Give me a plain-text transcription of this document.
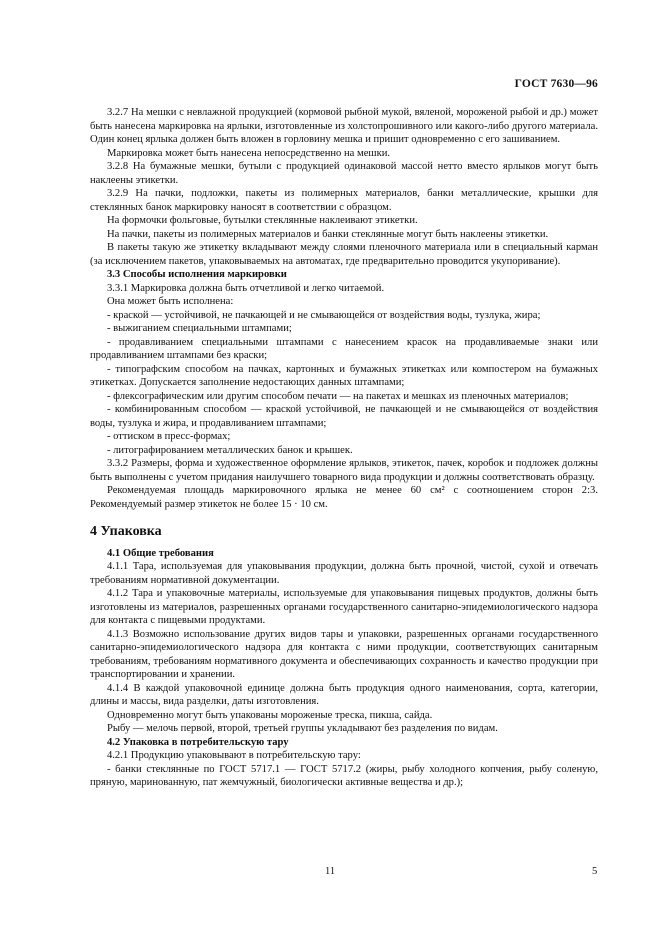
ГОСТ 7630—96

3.2.7 На мешки с невлажной продукцией (кормовой рыбной мукой, вяленой, мороженой рыбой и др.) может быть нанесена маркировка на ярлыки, изготовленные из холстопрошивного или какого-либо другого материала. Один конец ярлыка должен быть вложен в горловину мешка и пришит одновременно с его зашиванием.

Маркировка может быть нанесена непосредственно на мешки.

3.2.8 На бумажные мешки, бутыли с продукцией одинаковой массой нетто вместо ярлыков могут быть наклеены этикетки.

3.2.9 На пачки, подложки, пакеты из полимерных материалов, банки металлические, крышки для стеклянных банок маркировку наносят в соответствии с образцом.

На формочки фольговые, бутылки стеклянные наклеивают этикетки.

На пачки, пакеты из полимерных материалов и банки стеклянные могут быть наклеены этикетки.

В пакеты такую же этикетку вкладывают между слоями пленочного материала или в специальный карман (за исключением пакетов, упаковываемых на автоматах, где предварительно проводится укупоривание).

3.3 Способы исполнения маркировки

3.3.1 Маркировка должна быть отчетливой и легко читаемой.

Она может быть исполнена:

- краской — устойчивой, не пачкающей и не смывающейся от воздействия воды, тузлука, жира;

- выжиганием специальными штампами;

- продавливанием специальными штампами с нанесением красок на продавливаемые знаки или продавливанием штампами без краски;

- типографским способом на пачках, картонных и бумажных этикетках или компостером на бумажных этикетках. Допускается заполнение недостающих данных штампами;

- флексографическим или другим способом печати — на пакетах и мешках из пленочных материалов;

- комбинированным способом — краской устойчивой, не пачкающей и не смывающейся от воздействия воды, тузлука и жира, и продавливанием штампами;

- оттиском в пресс-формах;

- литографированием металлических банок и крышек.

3.3.2 Размеры, форма и художественное оформление ярлыков, этикеток, пачек, коробок и подложек должны быть выполнены с учетом придания наилучшего товарного вида продукции и должны соответствовать образцу.

Рекомендуемая площадь маркировочного ярлыка не менее 60 см² с соотношением сторон 2:3. Рекомендуемый размер этикеток не более 15 · 10 см.

4 Упаковка

4.1 Общие требования

4.1.1 Тара, используемая для упаковывания продукции, должна быть прочной, чистой, сухой и отвечать требованиям нормативной документации.

4.1.2 Тара и упаковочные материалы, используемые для упаковывания пищевых продуктов, должны быть изготовлены из материалов, разрешенных органами государственного санитарно-эпидемиологического надзора для контакта с пищевыми продуктами.

4.1.3 Возможно использование других видов тары и упаковки, разрешенных органами государственного санитарно-эпидемиологического надзора для контакта с ними продукции, соответствующих санитарным требованиям, требованиям нормативного документа и обеспечивающих сохранность и качество продукции при транспортировании и хранении.

4.1.4 В каждой упаковочной единице должна быть продукция одного наименования, сорта, категории, длины и массы, вида разделки, даты изготовления.

Одновременно могут быть упакованы мороженые треска, пикша, сайда.

Рыбу — мелочь первой, второй, третьей группы укладывают без разделения по видам.

4.2 Упаковка в потребительскую тару

4.2.1 Продукцию упаковывают в потребительскую тару:

- банки стеклянные по ГОСТ 5717.1 — ГОСТ 5717.2 (жиры, рыбу холодного копчения, рыбу соленую, пряную, маринованную, пат жемчужный, биологически активные вещества и др.);

11	5
